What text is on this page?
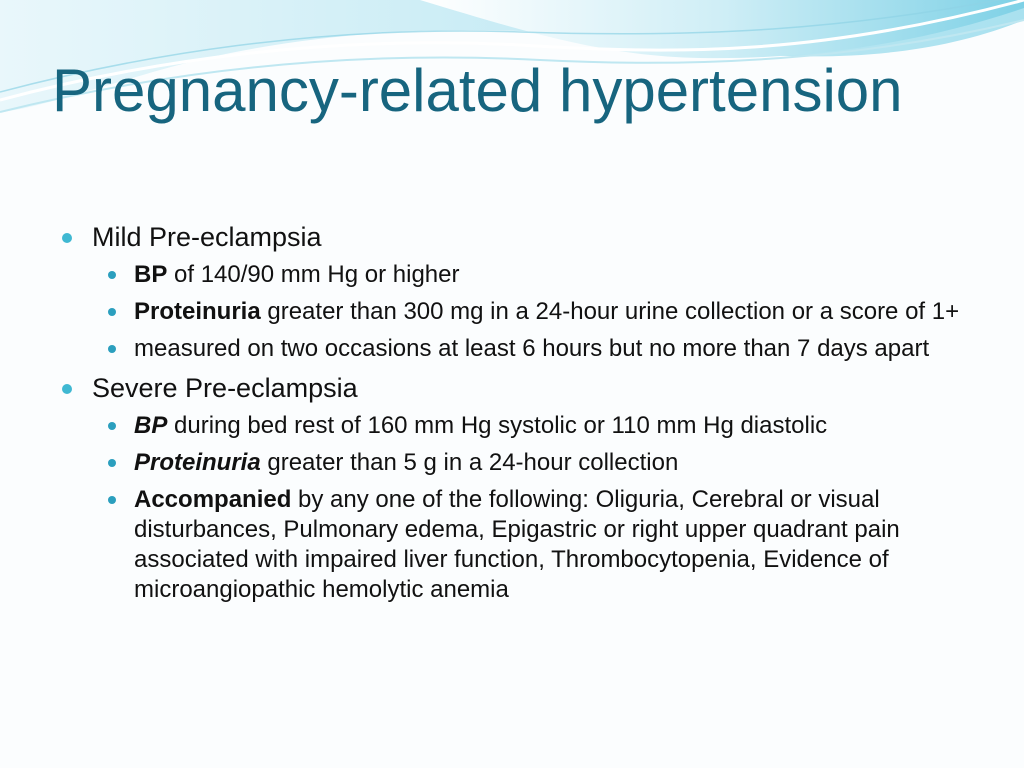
Pregnancy-related hypertension
Mild Pre-eclampsia
BP of 140/90 mm Hg or higher
Proteinuria greater than 300 mg in a 24-hour urine collection or a score of 1+
measured on two occasions at least 6 hours but no more than 7 days apart
Severe Pre-eclampsia
BP during bed rest of 160 mm Hg systolic or 110 mm Hg diastolic
Proteinuria greater than 5 g in a 24-hour collection
Accompanied by any one of the following: Oliguria, Cerebral or visual disturbances, Pulmonary edema, Epigastric or right upper quadrant pain associated with impaired liver function, Thrombocytopenia, Evidence of microangiopathic hemolytic anemia
